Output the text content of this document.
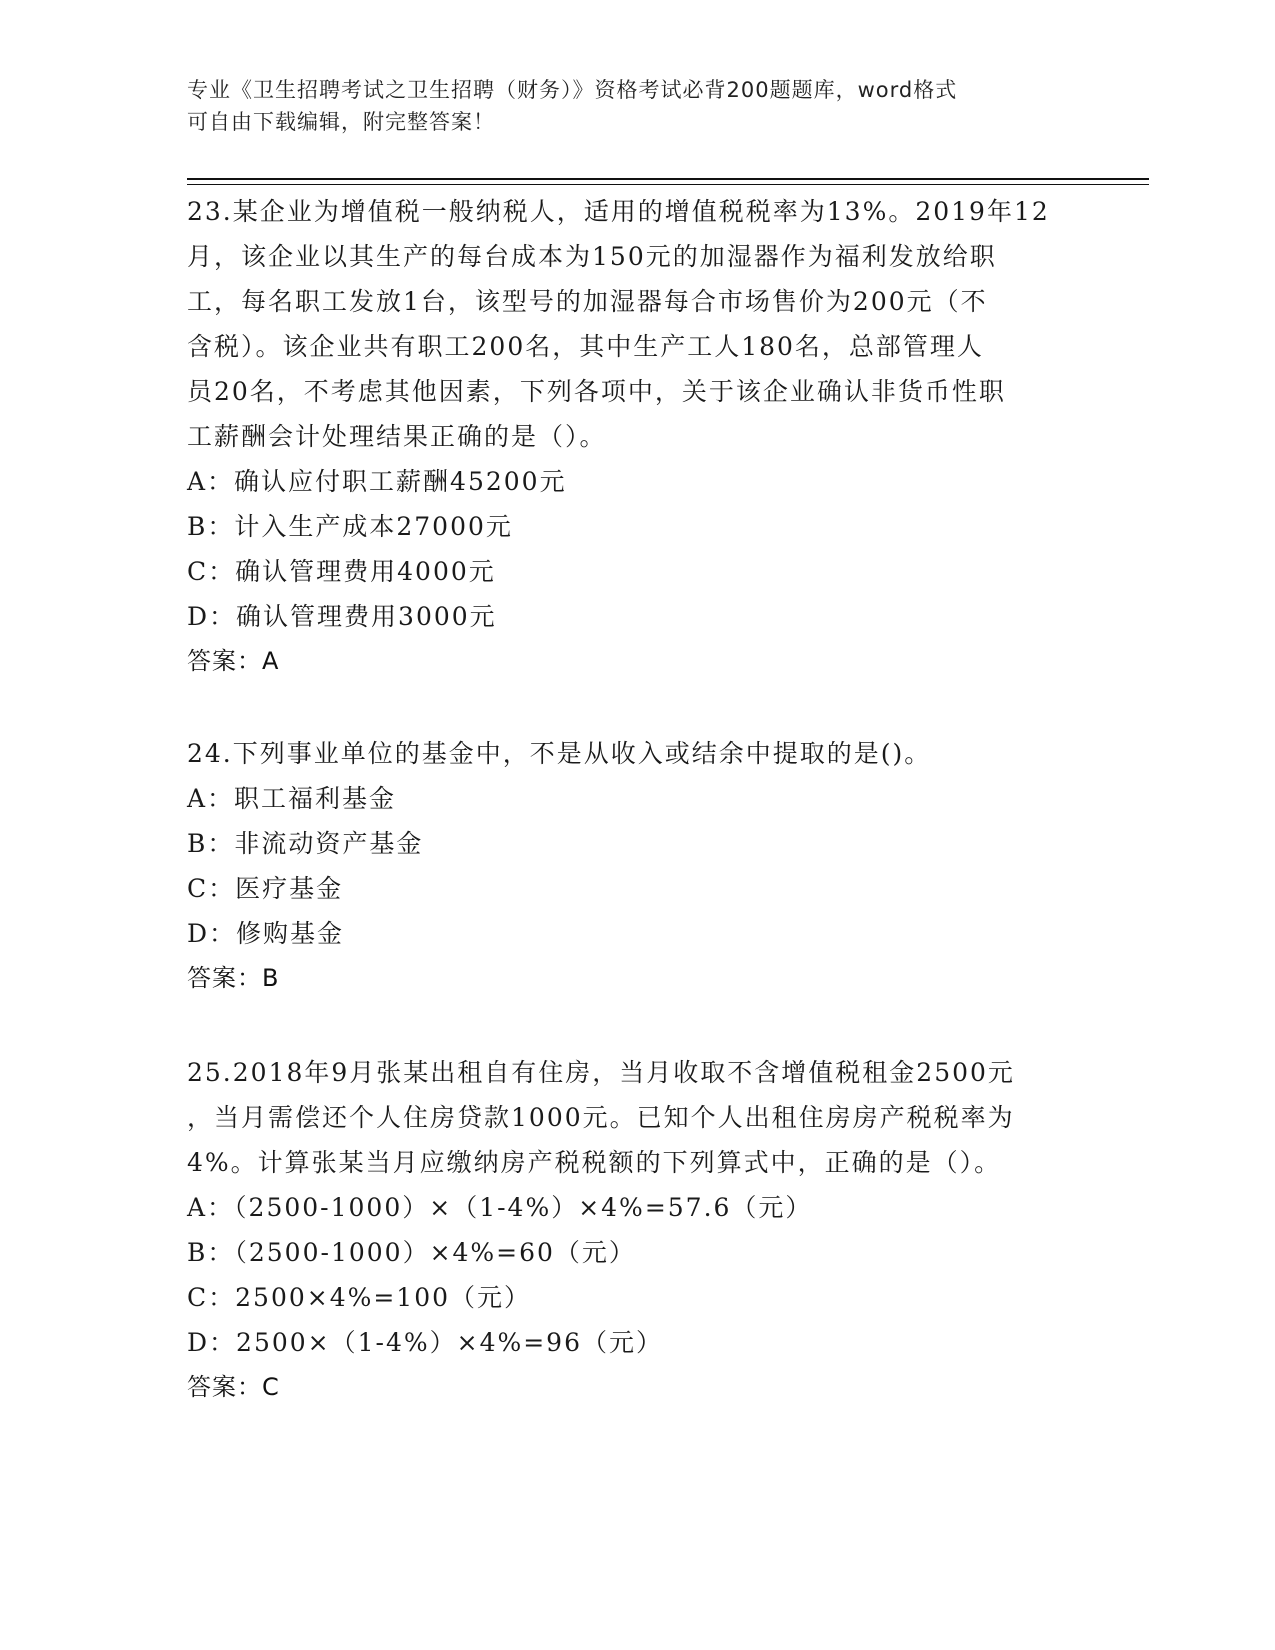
专业《卫生招聘考试之卫生招聘（财务）》资格考试必背200题题库，word格式
可自由下载编辑，附完整答案！

23.某企业为增值税一般纳税人，适用的增值税税率为13%。2019年12

月，该企业以其生产的每台成本为150元的加湿器作为福利发放给职

工，每名职工发放1台，该型号的加湿器每合市场售价为200元（不

含税）。该企业共有职工200名，其中生产工人180名，总部管理人

员20名，不考虑其他因素，下列各项中，关于该企业确认非货币性职

工薪酬会计处理结果正确的是（）。

A：确认应付职工薪酬45200元

B：计入生产成本27000元

C：确认管理费用4000元

D：确认管理费用3000元

答案：A

24.下列事业单位的基金中，不是从收入或结余中提取的是()。

A：职工福利基金

B：非流动资产基金

C：医疗基金

D：修购基金

答案：B

25.2018年9月张某出租自有住房，当月收取不含增值税租金2500元

，当月需偿还个人住房贷款1000元。已知个人出租住房房产税税率为

4%。计算张某当月应缴纳房产税税额的下列算式中，正确的是（）。

A：（2500-1000）×（1-4%）×4%=57.6（元）

B：（2500-1000）×4%=60（元）

C：2500×4%=100（元）

D：2500×（1-4%）×4%=96（元）

答案：C
